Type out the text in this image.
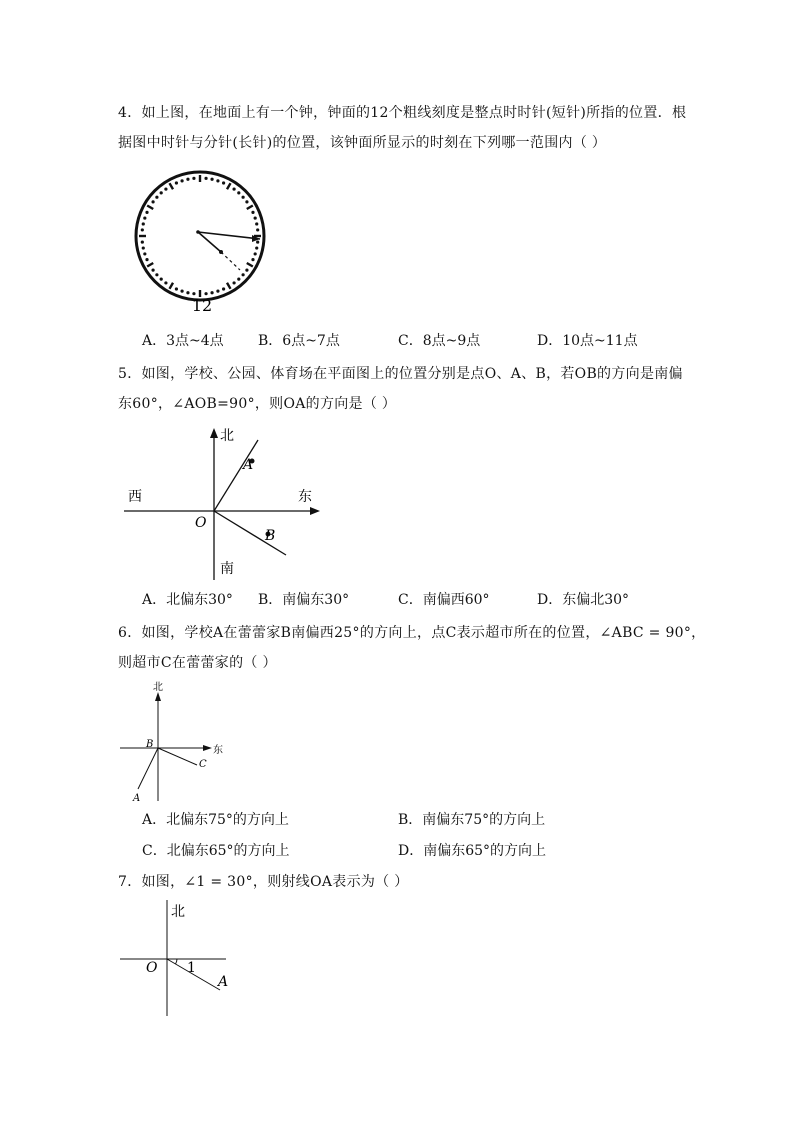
4．如上图，在地面上有一个钟，钟面的12个粗线刻度是整点时时针(短针)所指的位置．根
据图中时针与分针(长针)的位置，该钟面所显示的时刻在下列哪一范围内（ ）
12
A．3点~4点 B．6点~7点	C．8点~9点	D．10点~11点
5．如图，学校、公园、体育场在平面图上的位置分别是点O、A、B，若OB的方向是南偏
东60°，∠AOB=90°，则OA的方向是（ ）
北
南
东
西
O
A
B
A．北偏东30° B．南偏东30°	C．南偏西60°	D．东偏北30°
6．如图，学校A在蕾蕾家B南偏西25°的方向上，点C表示超市所在的位置，∠ABC = 90°，
则超市C在蕾蕾家的（ ）
北
东
B
A
C
A．北偏东75°的方向上	B．南偏东75°的方向上
C．北偏东65°的方向上	D．南偏东65°的方向上
7．如图，∠1 = 30°，则射线OA表示为（ ）
北
O 1
A
